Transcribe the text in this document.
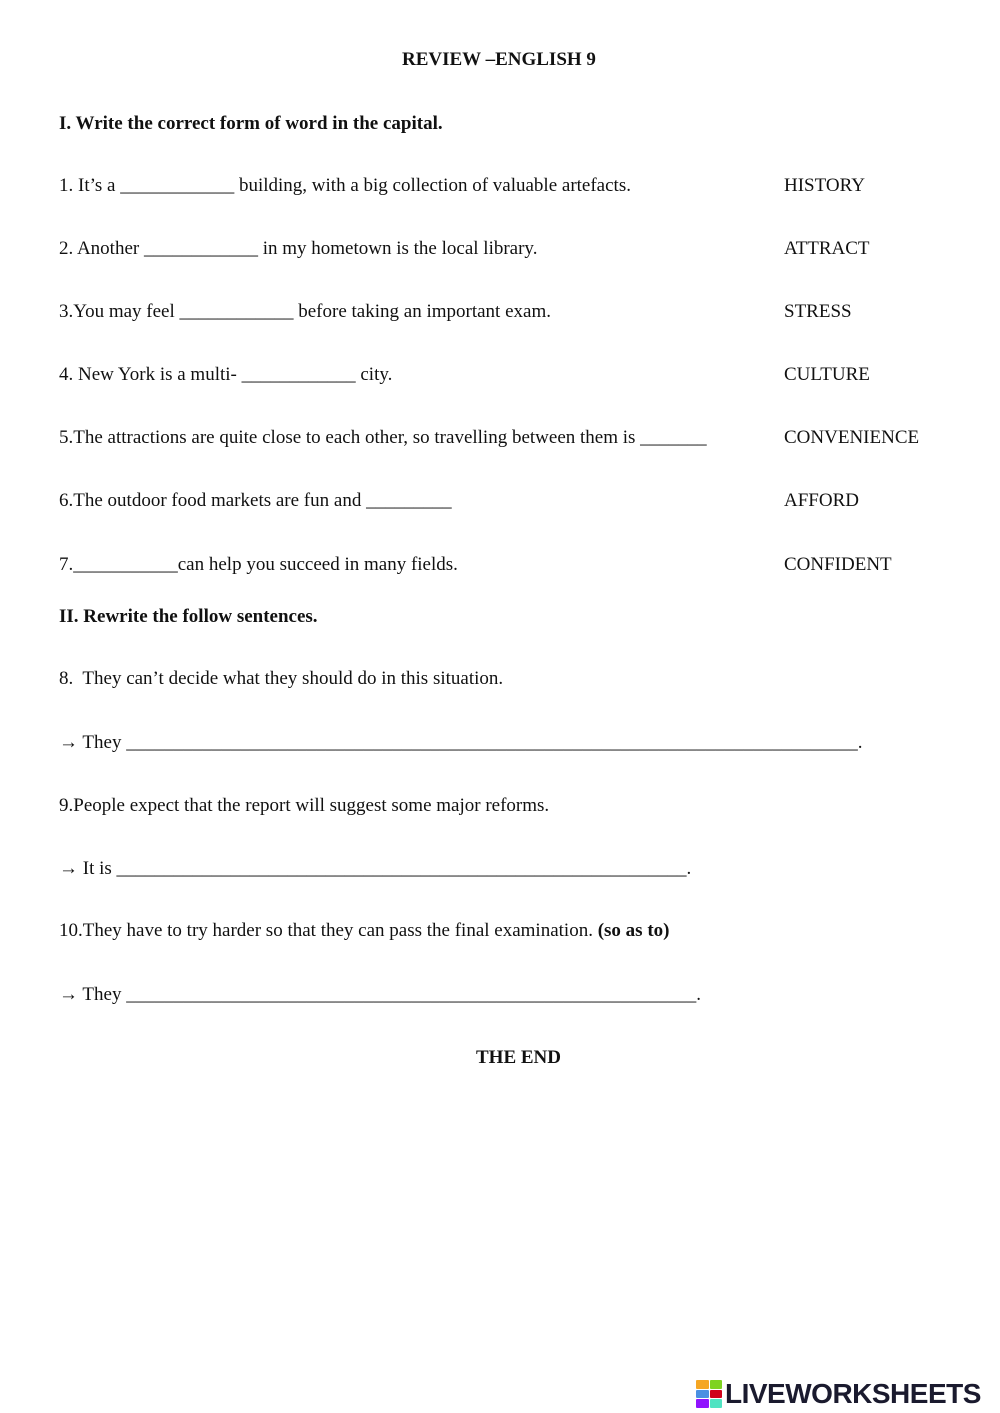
REVIEW –ENGLISH 9
I. Write the correct form of word in the capital.
1. It’s a ____________ building, with a big collection of valuable artefacts.	HISTORY
2. Another ____________ in my hometown is the local library.	ATTRACT
3.You may feel ____________ before taking an important exam.	STRESS
4. New York is a multi- ____________ city.	CULTURE
5.The attractions are quite close to each other, so travelling between them is _______	CONVENIENCE
6.The outdoor food markets are fun and _________	AFFORD
7.___________can help you succeed in many fields.	CONFIDENT
II. Rewrite the follow sentences.
8.  They can’t decide what they should do in this situation.
→ They _____________________________________________________________________________.
9.People expect that the report will suggest some major reforms.
→ It is ____________________________________________________________.
10.They have to try harder so that they can pass the final examination. (so as to)
→ They ____________________________________________________________.
THE END
LIVEWORKSHEETS
